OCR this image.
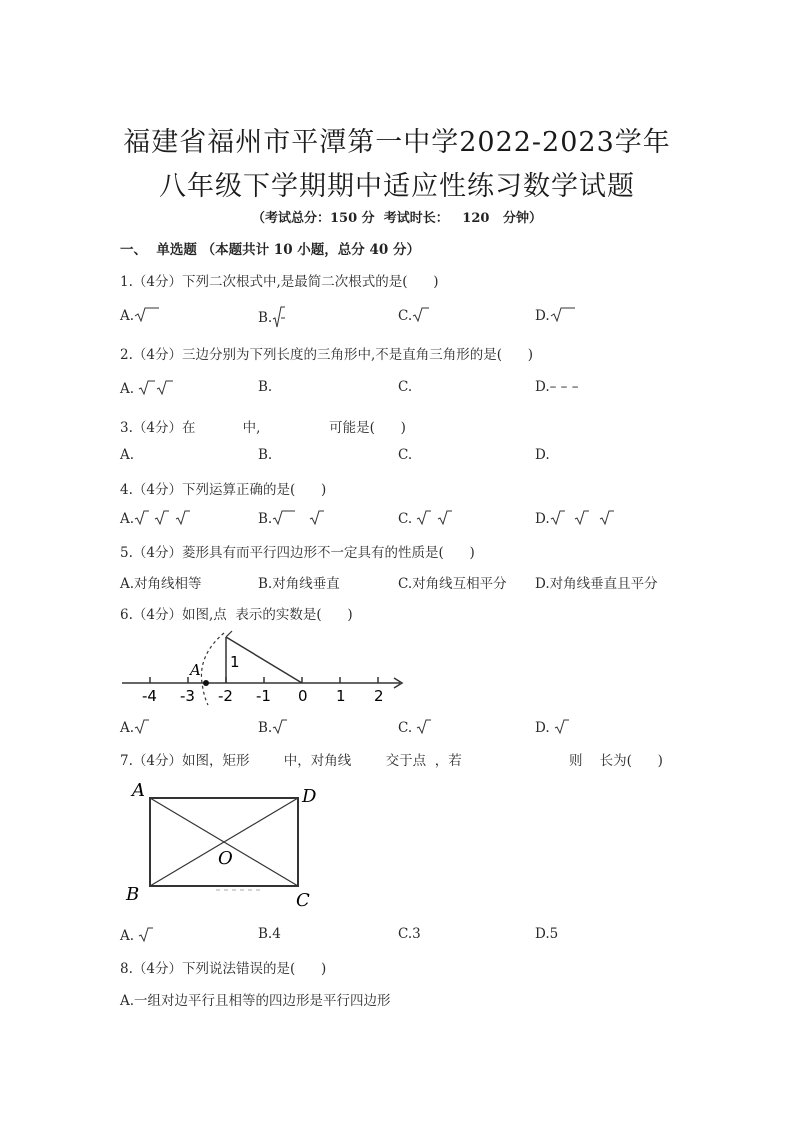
福建省福州市平潭第一中学2022-2023学年
八年级下学期期中适应性练习数学试题
（考试总分：150 分  考试时长：   120   分钟）
一、  单选题 （本题共计 10 小题，总分 40 分）
1.（4分）下列二次根式中,是最简二次根式的是(      )
A.	B.	C.	D.
2.（4分）三边分别为下列长度的三角形中,不是直角三角形的是(      )
A.	B.	C.	D.– – –
3.（4分）在           中,                可能是(      )
A.	B.	C.	D.
4.（4分）下列运算正确的是(      )
A.	B.	C.	D.
5.（4分）菱形具有而平行四边形不一定具有的性质是(      )
A.对角线相等	B.对角线垂直	C.对角线互相平分 D.对角线垂直且平分
6.（4分）如图,点  表示的实数是(      )
A 1
-4 -3 -2 -1 0 1 2
A.	B.	C.	D.
7.（4分）如图，矩形        中，对角线        交于点  ，若                         则    长为(      )
A
B	C
D
O
A.	B.4	C.3	D.5
8.（4分）下列说法错误的是(      )
A.一组对边平行且相等的四边形是平行四边形
